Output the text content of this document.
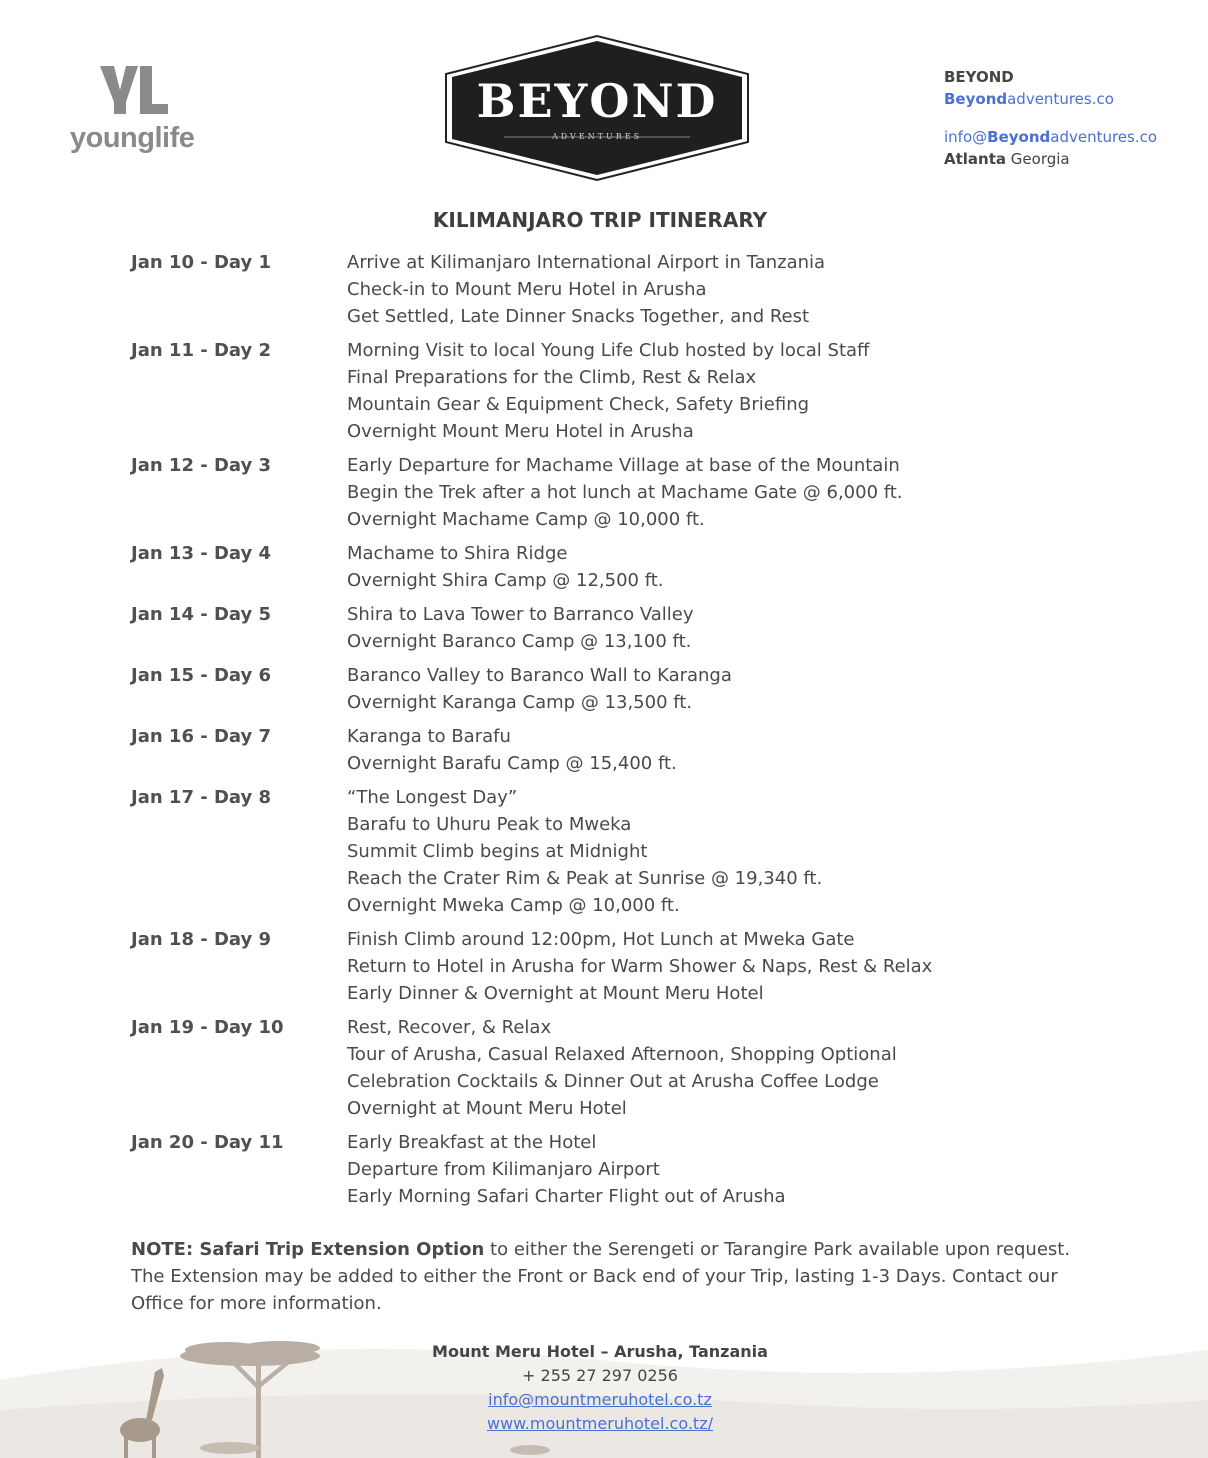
younglife
BEYOND
ADVENTURES
BEYOND
Beyondadventures.co
info@Beyondadventures.co
Atlanta Georgia
KILIMANJARO TRIP ITINERARY
Jan 10 - Day 1	Arrive at Kilimanjaro International Airport in Tanzania
Check-in to Mount Meru Hotel in Arusha
Get Settled, Late Dinner Snacks Together, and Rest
Jan 11 - Day 2	Morning Visit to local Young Life Club hosted by local Staff
Final Preparations for the Climb, Rest & Relax
Mountain Gear & Equipment Check, Safety Briefing
Overnight Mount Meru Hotel in Arusha
Jan 12 - Day 3	Early Departure for Machame Village at base of the Mountain
Begin the Trek after a hot lunch at Machame Gate @ 6,000 ft.
Overnight Machame Camp @ 10,000 ft.
Jan 13 - Day 4	Machame to Shira Ridge
Overnight Shira Camp @ 12,500 ft.
Jan 14 - Day 5	Shira to Lava Tower to Barranco Valley
Overnight Baranco Camp @ 13,100 ft.
Jan 15 - Day 6	Baranco Valley to Baranco Wall to Karanga
Overnight Karanga Camp @ 13,500 ft.
Jan 16 - Day 7	Karanga to Barafu
Overnight Barafu Camp @ 15,400 ft.
Jan 17 - Day 8	“The Longest Day”
Barafu to Uhuru Peak to Mweka
Summit Climb begins at Midnight
Reach the Crater Rim & Peak at Sunrise @ 19,340 ft.
Overnight Mweka Camp @ 10,000 ft.
Jan 18 - Day 9	Finish Climb around 12:00pm, Hot Lunch at Mweka Gate
Return to Hotel in Arusha for Warm Shower & Naps, Rest & Relax
Early Dinner & Overnight at Mount Meru Hotel
Jan 19 - Day 10	Rest, Recover, & Relax
Tour of Arusha, Casual Relaxed Afternoon, Shopping Optional
Celebration Cocktails & Dinner Out at Arusha Coffee Lodge
Overnight at Mount Meru Hotel
Jan 20 - Day 11	Early Breakfast at the Hotel
Departure from Kilimanjaro Airport
Early Morning Safari Charter Flight out of Arusha
NOTE: Safari Trip Extension Option to either the Serengeti or Tarangire Park available upon request. The Extension may be added to either the Front or Back end of your Trip, lasting 1-3 Days. Contact our Office for more information.
Mount Meru Hotel – Arusha, Tanzania
+ 255 27 297 0256
info@mountmeruhotel.co.tz
www.mountmeruhotel.co.tz/
